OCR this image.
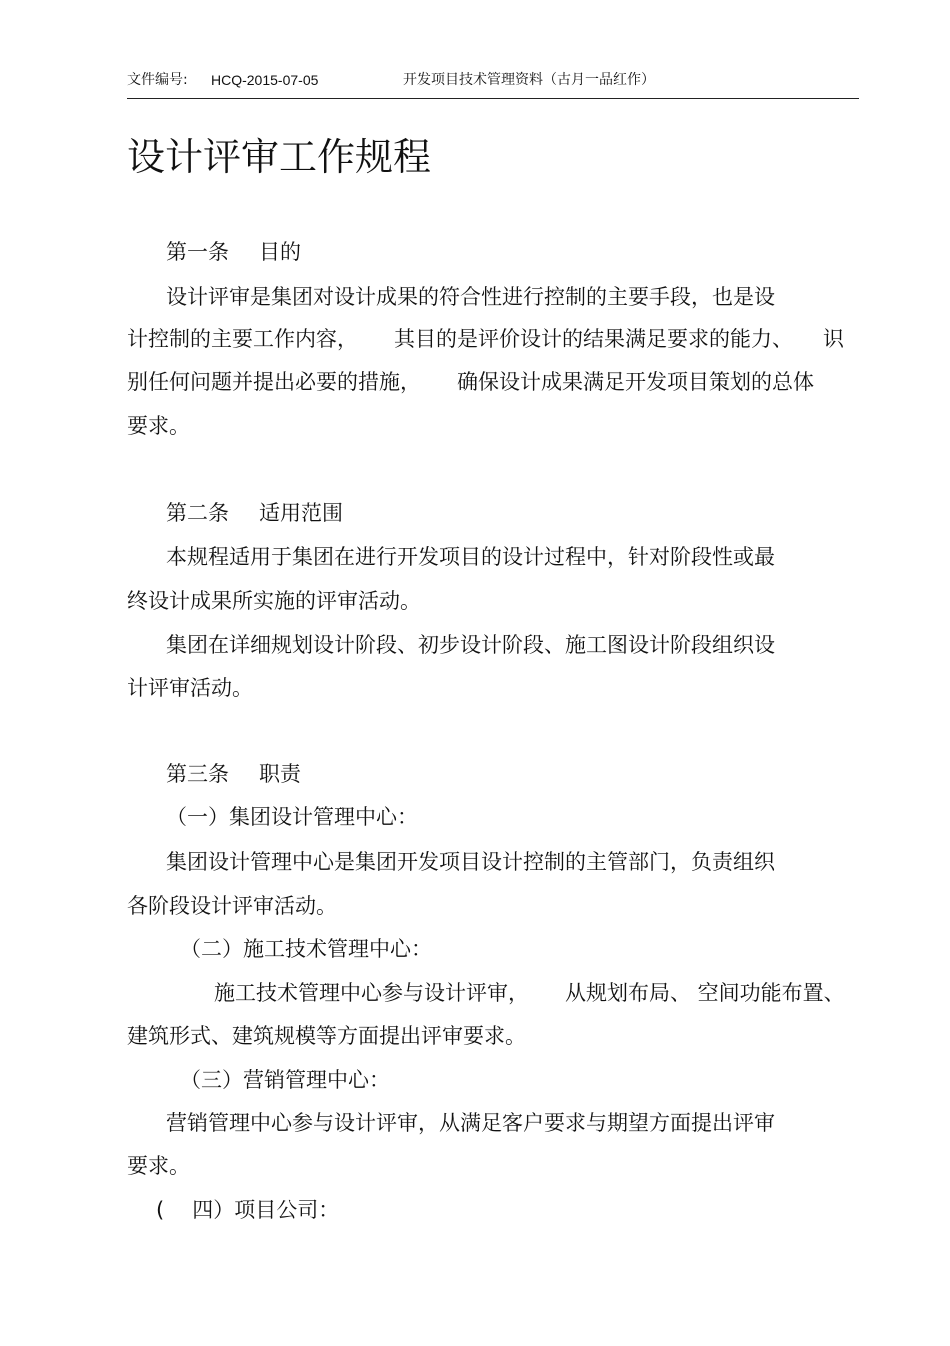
文件编号: HCQ-2015-07-05	开发项目技术管理资料（古月一品红作）
设计评审工作规程
第一条 目的
设计评审是集团对设计成果的符合性进行控制的主要手段，也是设
计控制的主要工作内容， 其目的是评价设计的结果满足要求的能力、 识
别任何问题并提出必要的措施， 确保设计成果满足开发项目策划的总体
要求。
第二条 适用范围
本规程适用于集团在进行开发项目的设计过程中，针对阶段性或最
终设计成果所实施的评审活动。
集团在详细规划设计阶段、初步设计阶段、施工图设计阶段组织设
计评审活动。
第三条 职责
（一）集团设计管理中心：
集团设计管理中心是集团开发项目设计控制的主管部门，负责组织
各阶段设计评审活动。
（二）施工技术管理中心：
施工技术管理中心参与设计评审， 从规划布局、 空间功能布置、
建筑形式、建筑规模等方面提出评审要求。
（三）营销管理中心：
营销管理中心参与设计评审，从满足客户要求与期望方面提出评审
要求。
( 四）项目公司：
